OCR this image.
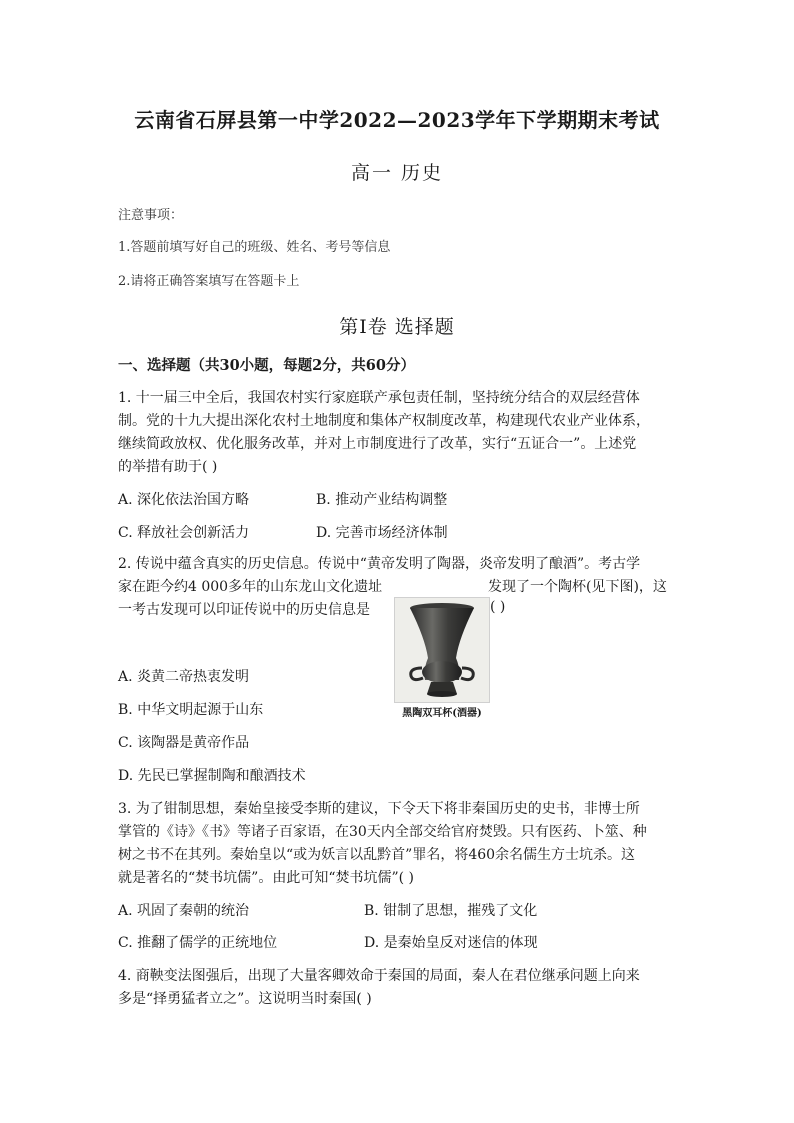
云南省石屏县第一中学2022—2023学年下学期期末考试
高一 历史
注意事项：
1.答题前填写好自己的班级、姓名、考号等信息
2.请将正确答案填写在答题卡上
第Ⅰ卷 选择题
一、选择题（共30小题，每题2分，共60分）
1. 十一届三中全后，我国农村实行家庭联产承包责任制，坚持统分结合的双层经营体
制。党的十九大提出深化农村土地制度和集体产权制度改革，构建现代农业产业体系，
继续简政放权、优化服务改革，并对上市制度进行了改革，实行“五证合一”。上述党
的举措有助于( )
A. 深化依法治国方略	B. 推动产业结构调整
C. 释放社会创新活力	D. 完善市场经济体制
2. 传说中蕴含真实的历史信息。传说中“黄帝发明了陶器，炎帝发明了酿酒”。考古学
家在距今约4 000多年的山东龙山文化遗址	发现了一个陶杯(见下图)，这
一考古发现可以印证传说中的历史信息是	( )
黑陶双耳杯(酒器)
A. 炎黄二帝热衷发明
B. 中华文明起源于山东
C. 该陶器是黄帝作品
D. 先民已掌握制陶和酿酒技术
3. 为了钳制思想，秦始皇接受李斯的建议，下令天下将非秦国历史的史书，非博士所
掌管的《诗》《书》等诸子百家语，在30天内全部交给官府焚毁。只有医药、卜筮、种
树之书不在其列。秦始皇以“或为妖言以乱黔首”罪名，将460余名儒生方士坑杀。这
就是著名的“焚书坑儒”。由此可知“焚书坑儒”( )
A. 巩固了秦朝的统治	B. 钳制了思想，摧残了文化
C. 推翻了儒学的正统地位	D. 是秦始皇反对迷信的体现
4. 商鞅变法图强后，出现了大量客卿效命于秦国的局面，秦人在君位继承问题上向来
多是“择勇猛者立之”。这说明当时秦国( )
